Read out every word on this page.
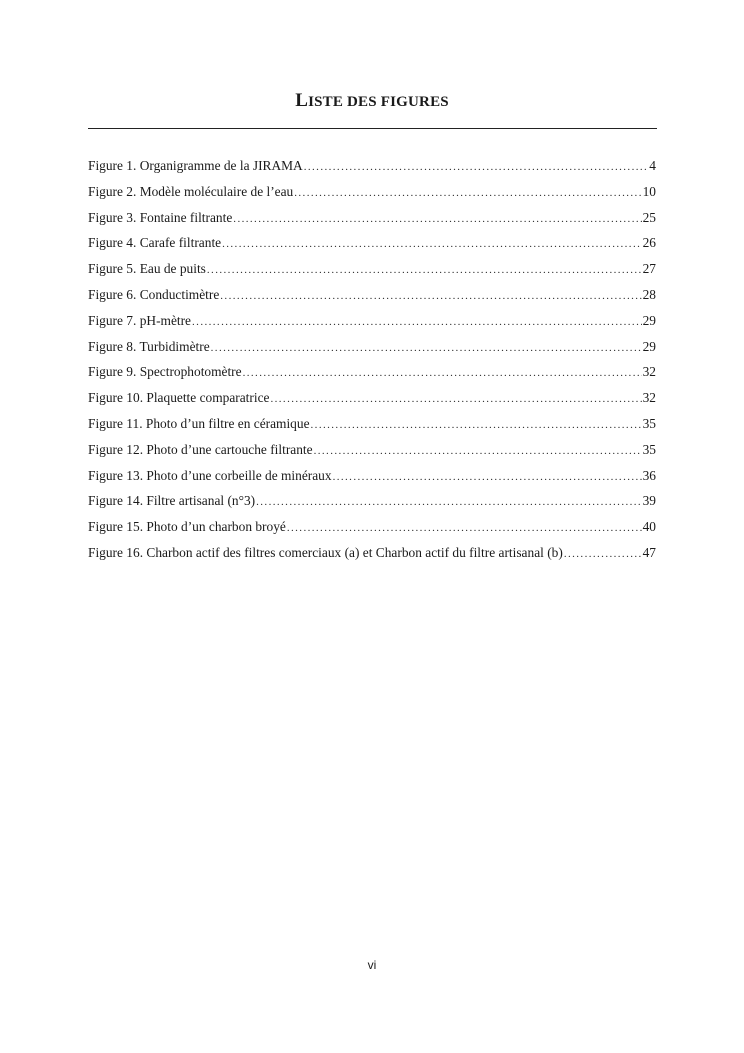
LISTE DES FIGURES
Figure 1. Organigramme de la JIRAMA .....	4
Figure 2. Modèle moléculaire de l’eau .....	10
Figure 3. Fontaine filtrante .....	25
Figure 4. Carafe filtrante .....	26
Figure 5. Eau de puits .....	27
Figure 6. Conductimètre .....	28
Figure 7. pH-mètre .....	29
Figure 8. Turbidimètre .....	29
Figure 9. Spectrophotomètre .....	32
Figure 10. Plaquette comparatrice .....	32
Figure 11. Photo d’un filtre en céramique .....	35
Figure 12. Photo d’une cartouche filtrante .....	35
Figure 13. Photo d’une corbeille de minéraux .....	36
Figure 14. Filtre artisanal (n°3) .....	39
Figure 15. Photo d’un charbon broyé .....	40
Figure 16. Charbon actif des filtres comerciaux (a) et Charbon actif du filtre artisanal (b) .....	47
vi
